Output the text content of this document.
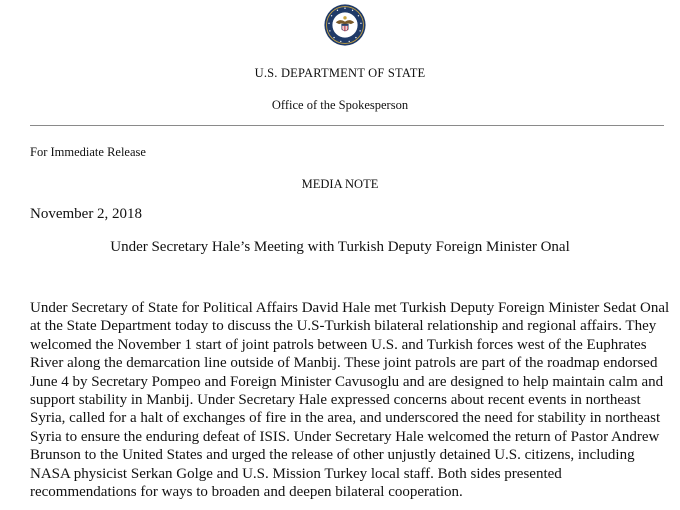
U.S. DEPARTMENT OF STATE
Office of the Spokesperson
For Immediate Release
MEDIA NOTE
November 2, 2018
Under Secretary Hale’s Meeting with Turkish Deputy Foreign Minister Onal

Under Secretary of State for Political Affairs David Hale met Turkish Deputy Foreign Minister Sedat Onal at the State Department today to discuss the U.S-Turkish bilateral relationship and regional affairs. They welcomed the November 1 start of joint patrols between U.S. and Turkish forces west of the Euphrates River along the demarcation line outside of Manbij. These joint patrols are part of the roadmap endorsed June 4 by Secretary Pompeo and Foreign Minister Cavusoglu and are designed to help maintain calm and support stability in Manbij. Under Secretary Hale expressed concerns about recent events in northeast Syria, called for a halt of exchanges of fire in the area, and underscored the need for stability in northeast Syria to ensure the enduring defeat of ISIS. Under Secretary Hale welcomed the return of Pastor Andrew Brunson to the United States and urged the release of other unjustly detained U.S. citizens, including NASA physicist Serkan Golge and U.S. Mission Turkey local staff. Both sides presented recommendations for ways to broaden and deepen bilateral cooperation.
